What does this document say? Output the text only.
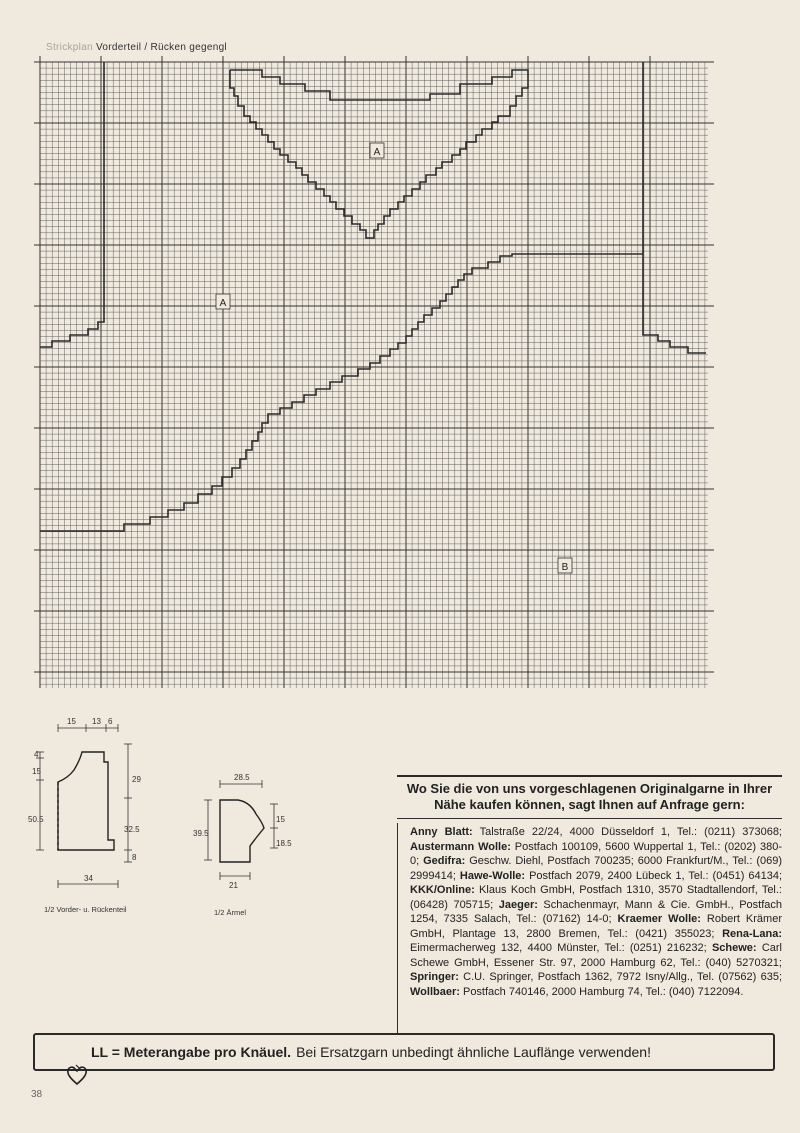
Strickplan Vorderteil / Rücken gegengl
A
A
B
15 13 6
4
15
50.5
29
32.5
8
34
1/2 Vorder- u. Rückenteil
28.5
39.5
15
18.5
21
1/2 Ärmel
Wo Sie die von uns vorgeschlagenen Originalgarne in Ihrer Nähe kaufen können, sagt Ihnen auf Anfrage gern:
Anny Blatt: Talstraße 22/24, 4000 Düsseldorf 1, Tel.: (0211) 373068; Austermann Wolle: Postfach 100109, 5600 Wuppertal 1, Tel.: (0202) 380-0; Gedifra: Geschw. Diehl, Postfach 700235; 6000 Frankfurt/M., Tel.: (069) 2999414; Hawe-Wolle: Postfach 2079, 2400 Lübeck 1, Tel.: (0451) 64134; KKK/Online: Klaus Koch GmbH, Postfach 1310, 3570 Stadtallendorf, Tel.: (06428) 705715; Jaeger: Schachenmayr, Mann & Cie. GmbH., Postfach 1254, 7335 Salach, Tel.: (07162) 14-0; Kraemer Wolle: Robert Krämer GmbH, Plantage 13, 2800 Bremen, Tel.: (0421) 355023; Rena-Lana: Eimermacherweg 132, 4400 Münster, Tel.: (0251) 216232; Schewe: Carl Schewe GmbH, Essener Str. 97, 2000 Hamburg 62, Tel.: (040) 5270321; Springer: C.U. Springer, Postfach 1362, 7972 Isny/Allg., Tel. (07562) 635; Wollbaer: Postfach 740146, 2000 Hamburg 74, Tel.: (040) 7122094.
LL = Meterangabe pro Knäuel. Bei Ersatzgarn unbedingt ähnliche Lauflänge verwenden!
38
